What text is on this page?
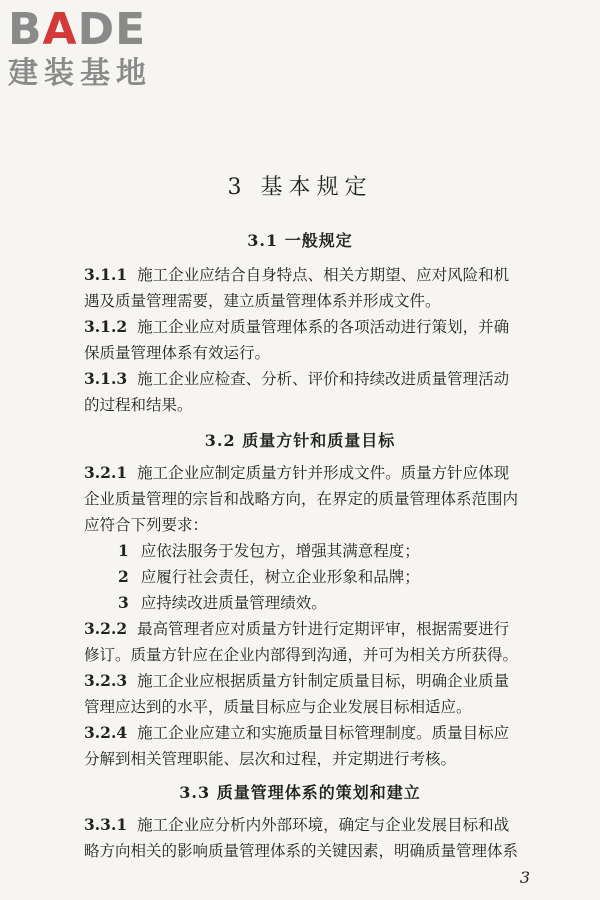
BADE
建装基地
3 基本规定
3.1 一般规定

3.1.1 施工企业应结合自身特点、相关方期望、应对风险和机遇及质量管理需要，建立质量管理体系并形成文件。

3.1.2 施工企业应对质量管理体系的各项活动进行策划，并确保质量管理体系有效运行。

3.1.3 施工企业应检查、分析、评价和持续改进质量管理活动的过程和结果。

3.2 质量方针和质量目标

3.2.1 施工企业应制定质量方针并形成文件。质量方针应体现企业质量管理的宗旨和战略方向，在界定的质量管理体系范围内应符合下列要求：

1 应依法服务于发包方，增强其满意程度；
2 应履行社会责任，树立企业形象和品牌；
3 应持续改进质量管理绩效。

3.2.2 最高管理者应对质量方针进行定期评审，根据需要进行修订。质量方针应在企业内部得到沟通，并可为相关方所获得。

3.2.3 施工企业应根据质量方针制定质量目标，明确企业质量管理应达到的水平，质量目标应与企业发展目标相适应。

3.2.4 施工企业应建立和实施质量目标管理制度。质量目标应分解到相关管理职能、层次和过程，并定期进行考核。

3.3 质量管理体系的策划和建立

3.3.1 施工企业应分析内外部环境，确定与企业发展目标和战略方向相关的影响质量管理体系的关键因素，明确质量管理体系

3
